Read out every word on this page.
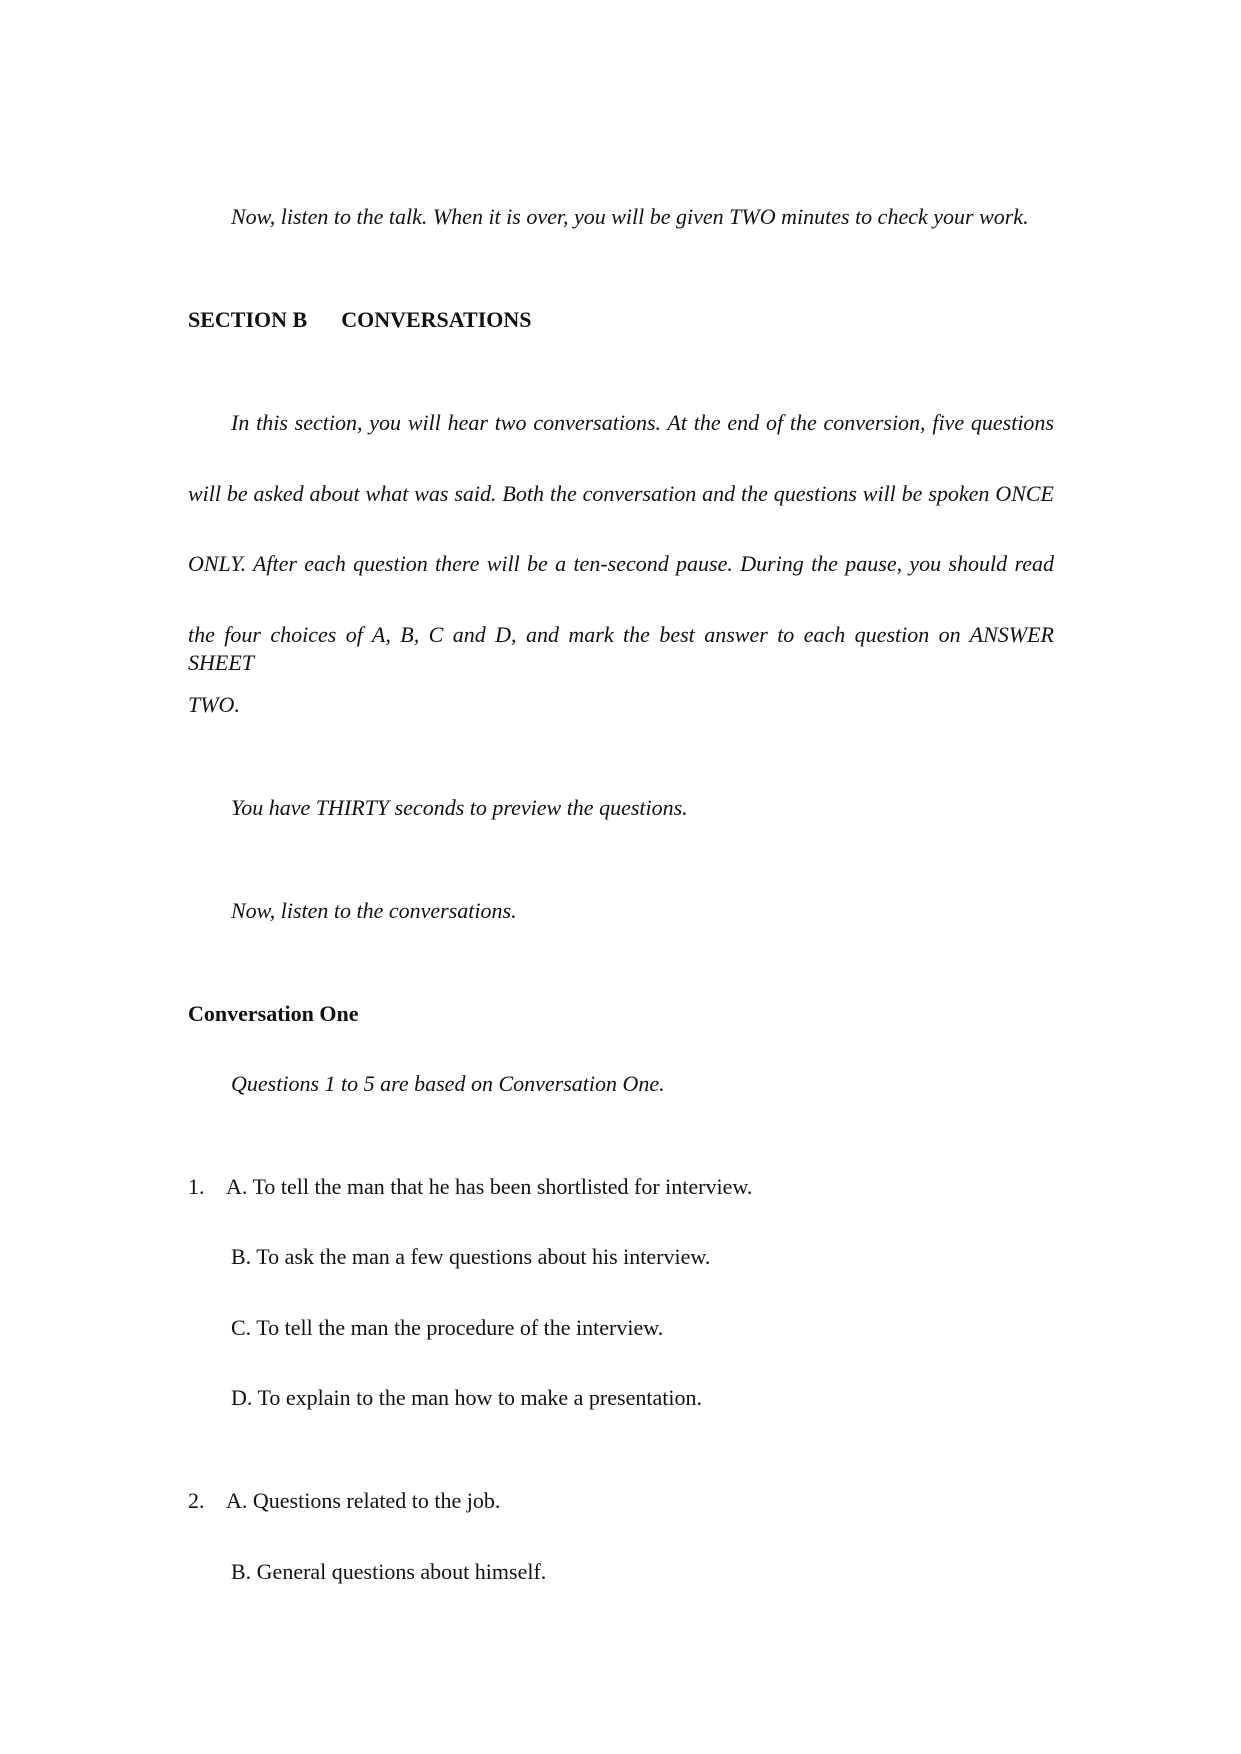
Now, listen to the talk. When it is over, you will be given TWO minutes to check your work.
SECTION B CONVERSATIONS
In this section, you will hear two conversations. At the end of the conversion, five questions
will be asked about what was said. Both the conversation and the questions will be spoken ONCE
ONLY. After each question there will be a ten-second pause. During the pause, you should read
the four choices of A, B, C and D, and mark the best answer to each question on ANSWER SHEET
TWO.
You have THIRTY seconds to preview the questions.
Now, listen to the conversations.
Conversation One
Questions 1 to 5 are based on Conversation One.
1. A. To tell the man that he has been shortlisted for interview.
B. To ask the man a few questions about his interview.
C. To tell the man the procedure of the interview.
D. To explain to the man how to make a presentation.
2. A. Questions related to the job.
B. General questions about himself.
